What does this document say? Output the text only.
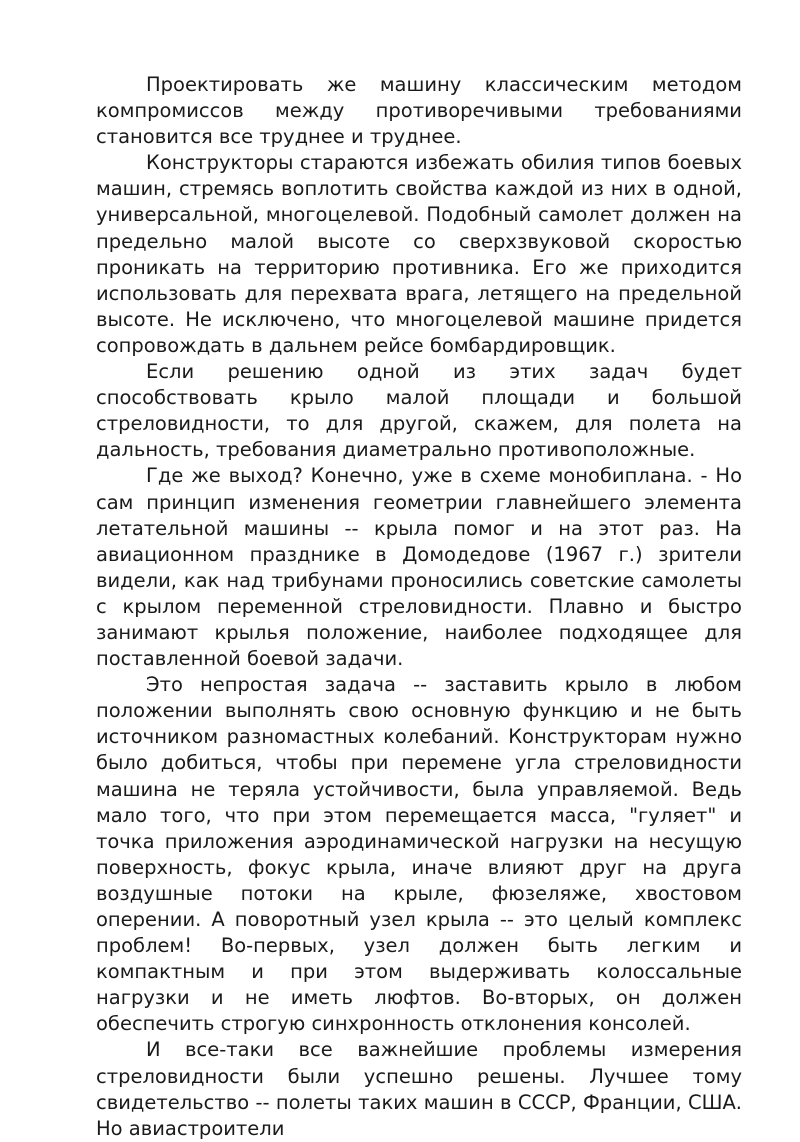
Проектировать же машину классическим методом компромиссов между противоречивыми требованиями становится все труднее и труднее.

Конструкторы стараются избежать обилия типов боевых машин, стремясь воплотить свойства каждой из них в одной, универсальной, многоцелевой. Подобный самолет должен на предельно малой высоте со сверхзвуковой скоростью проникать на территорию противника. Его же приходится использовать для перехвата врага, летящего на предельной высоте. Не исключено, что многоцелевой машине придется сопровождать в дальнем рейсе бомбардировщик.

Если решению одной из этих задач будет способствовать крыло малой площади и большой стреловидности, то для другой, скажем, для полета на дальность, требования диаметрально противоположные.

Где же выход? Конечно, уже в схеме монобиплана. - Но сам принцип изменения геометрии главнейшего элемента летательной машины -- крыла помог и на этот раз. На авиационном празднике в Домодедове (1967 г.) зрители видели, как над трибунами проносились советские самолеты с крылом переменной стреловидности. Плавно и быстро занимают крылья положение, наиболее подходящее для поставленной боевой задачи.

Это непростая задача -- заставить крыло в любом положении выполнять свою основную функцию и не быть источником разномастных колебаний. Конструкторам нужно было добиться, чтобы при перемене угла стреловидности машина не теряла устойчивости, была управляемой. Ведь мало того, что при этом перемещается масса, "гуляет" и точка приложения аэродинамической нагрузки на несущую поверхность, фокус крыла, иначе влияют друг на друга воздушные потоки на крыле, фюзеляже, хвостовом оперении. А поворотный узел крыла -- это целый комплекс проблем! Во-первых, узел должен быть легким и компактным и при этом выдерживать колоссальные нагрузки и не иметь люфтов. Во-вторых, он должен обеспечить строгую синхронность отклонения консолей.

И все-таки все важнейшие проблемы измерения стреловидности были успешно решены. Лучшее тому свидетельство -- полеты таких машин в СССР, Франции, США. Но авиастроители
